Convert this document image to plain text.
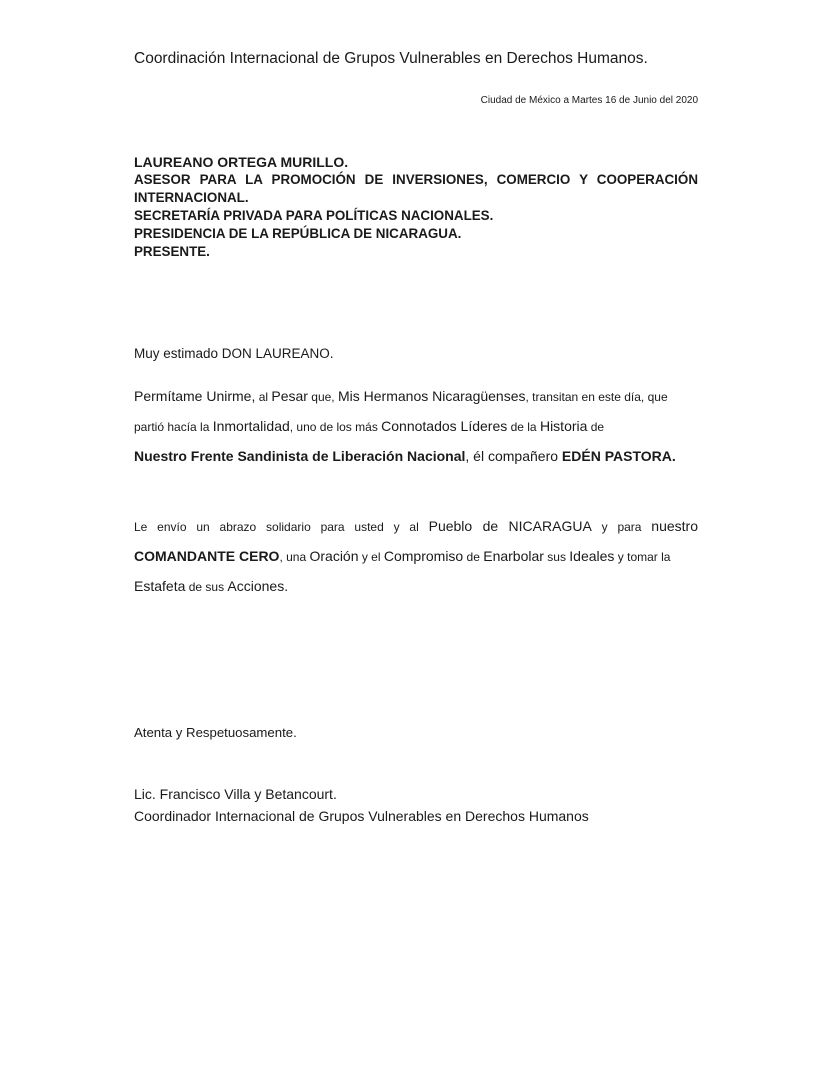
Coordinación Internacional de Grupos Vulnerables en Derechos Humanos.
Ciudad de México a Martes 16 de Junio del 2020
LAUREANO ORTEGA MURILLO.
ASESOR PARA LA PROMOCIÓN DE INVERSIONES, COMERCIO Y COOPERACIÓN
INTERNACIONAL.
SECRETARÍA PRIVADA PARA POLÍTICAS NACIONALES.
PRESIDENCIA DE LA REPÚBLICA DE NICARAGUA.
PRESENTE.
Muy estimado DON LAUREANO.
Permítame Unirme, al Pesar que, Mis Hermanos Nicaragüenses, transitan en este día, que
partió hacía la Inmortalidad, uno de los más Connotados Líderes de la Historia de
Nuestro Frente Sandinista de Liberación Nacional, él compañero EDÉN PASTORA.
Le envío un abrazo solidario para usted y al Pueblo de NICARAGUA y para nuestro
COMANDANTE CERO, una Oración y el Compromiso de Enarbolar sus Ideales y tomar la
Estafeta de sus Acciones.
Atenta y Respetuosamente.
Lic. Francisco Villa y Betancourt.
Coordinador Internacional de Grupos Vulnerables en Derechos Humanos
